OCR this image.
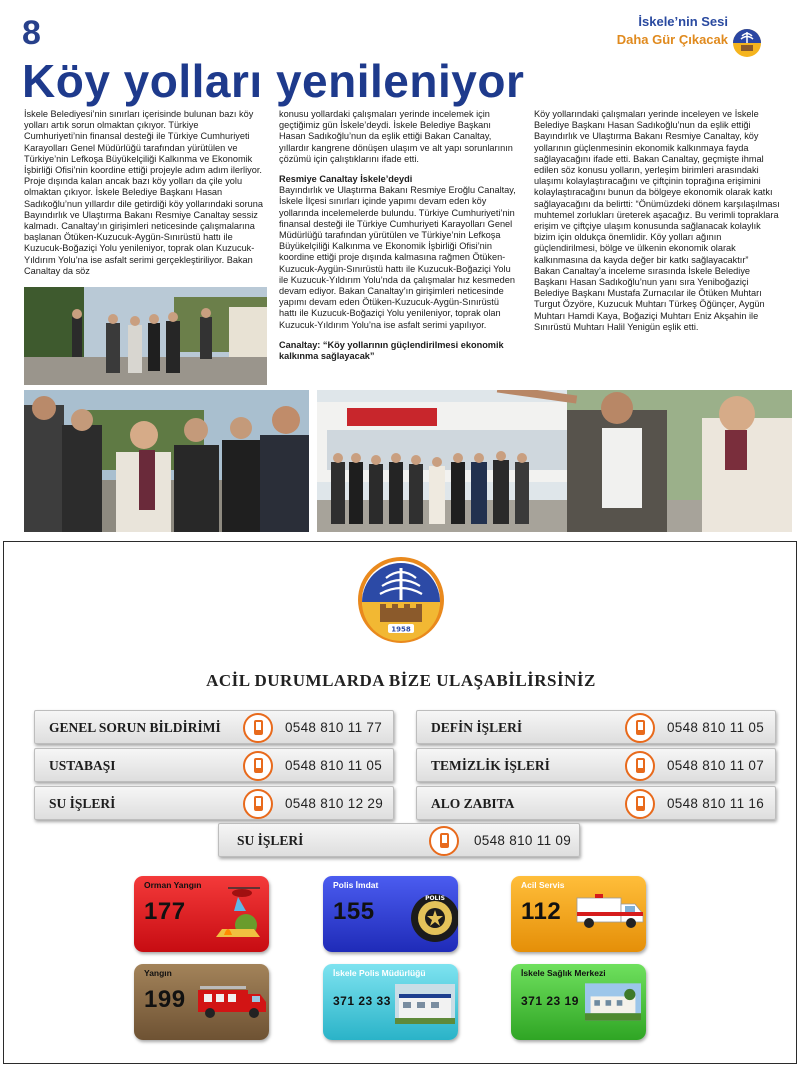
8	İskele’nin Sesi
Daha Gür Çıkacak
Köy yolları yenileniyor

İskele Belediyesi’nin sınırları içerisinde bulunan bazı köy yolları artık sorun olmaktan çıkıyor. Türkiye Cumhuriyeti’nin finansal desteği ile Türkiye Cumhuriyeti Karayolları Genel Müdürlüğü tarafından yürütülen ve Türkiye’nin Lefkoşa Büyükelçiliği Kalkınma ve Ekonomik İşbirliği Ofisi’nin koordine ettiği projeyle adım adım ilerliyor. Proje dışında kalan ancak bazı köy yolları da çile yolu olmaktan çıkıyor. İskele Belediye Başkanı Hasan Sadıkoğlu’nun yıllardır dile getirdiği köy yollarındaki soruna Bayındırlık ve Ulaştırma Bakanı Resmiye Canaltay sessiz kalmadı. Canaltay’ın girişimleri neticesinde çalışmalarına başlanan Ötüken-Kuzucuk-Aygün-Sınırüstü hattı ile Kuzucuk-Boğaziçi Yolu yenileniyor, toprak olan Kuzucuk-Yıldırım Yolu’na ise asfalt serimi gerçekleştiriliyor. Bakan Canaltay da söz

konusu yollardaki çalışmaları yerinde incelemek için geçtiğimiz gün İskele’deydi. İskele Belediye Başkanı Hasan Sadıkoğlu’nun da eşlik ettiği Bakan Canaltay, yıllardır kangrene dönüşen ulaşım ve alt yapı sorunlarının çözümü için çalıştıklarını ifade etti.

Resmiye Canaltay İskele’deydi

Bayındırlık ve Ulaştırma Bakanı Resmiye Eroğlu Canaltay, İskele İlçesi sınırları içinde yapımı devam eden köy yollarında incelemelerde bulundu. Türkiye Cumhuriyeti’nin finansal desteği ile Türkiye Cumhuriyeti Karayolları Genel Müdürlüğü tarafından yürütülen ve Türkiye’nin Lefkoşa Büyükelçiliği Kalkınma ve Ekonomik İşbirliği Ofisi’nin koordine ettiği proje dışında kalmasına rağmen Ötüken-Kuzucuk-Aygün-Sınırüstü hattı ile Kuzucuk-Boğaziçi Yolu ile Kuzucuk-Yıldırım Yolu’nda da çalışmalar hız kesmeden devam ediyor. Bakan Canaltay’ın girişimleri neticesinde yapımı devam eden Ötüken-Kuzucuk-Aygün-Sınırüstü hattı ile Kuzucuk-Boğaziçi Yolu yenileniyor, toprak olan Kuzucuk-Yıldırım Yolu’na ise asfalt serimi yapılıyor.

Canaltay: “Köy yollarının güçlendirilmesi ekonomik kalkınma sağlayacak”

Köy yollarındaki çalışmaları yerinde inceleyen ve İskele Belediye Başkanı Hasan Sadıkoğlu’nun da eşlik ettiği Bayındırlık ve Ulaştırma Bakanı Resmiye Canaltay, köy yollarının güçlenmesinin ekonomik kalkınmaya fayda sağlayacağını ifade etti. Bakan Canaltay, geçmişte ihmal edilen söz konusu yolların, yerleşim birimleri arasındaki ulaşımı kolaylaştıracağını ve çiftçinin toprağına erişimini kolaylaştıracağını bunun da bölgeye ekonomik olarak katkı sağlayacağını da belirtti: “Önümüzdeki dönem karşılaşılması muhtemel zorlukları üreterek aşacağız. Bu verimli topraklara erişim ve çiftçiye ulaşım konusunda sağlanacak kolaylık bizim için oldukça önemlidir. Köy yolları ağının güçlendirilmesi, bölge ve ülkenin ekonomik olarak kalkınmasına da kayda değer bir katkı sağlayacaktır”

Bakan Canaltay’a inceleme sırasında İskele Belediye Başkanı Hasan Sadıkoğlu’nun yanı sıra Yeniboğaziçi Belediye Başkanı Mustafa Zurnacılar ile Ötüken Muhtarı Turgut Özyöre, Kuzucuk Muhtarı Türkeş Öğünçer, Aygün Muhtarı Hamdi Kaya, Boğaziçi Muhtarı Eniz Akşahin ile Sınırüstü Muhtarı Halil Yenigün eşlik etti.

1958
ACİL DURUMLARDA BİZE ULAŞABİLİRSİNİZ
GENEL SORUN BİLDİRİMİ	0548 810 11 77	DEFİN İŞLERİ	0548 810 11 05
USTABAŞI	0548 810 11 05	TEMİZLİK İŞLERİ	0548 810 11 07
SU İŞLERİ	0548 810 12 29	ALO ZABITA	0548 810 11 16
SU İŞLERİ	0548 810 11 09
Orman Yangın
177
Polis İmdat
155	POLIS
Acil Servis
112
Yangın
199
İskele Polis Müdürlüğü
371 23 33
İskele Sağlık Merkezi
371 23 19
